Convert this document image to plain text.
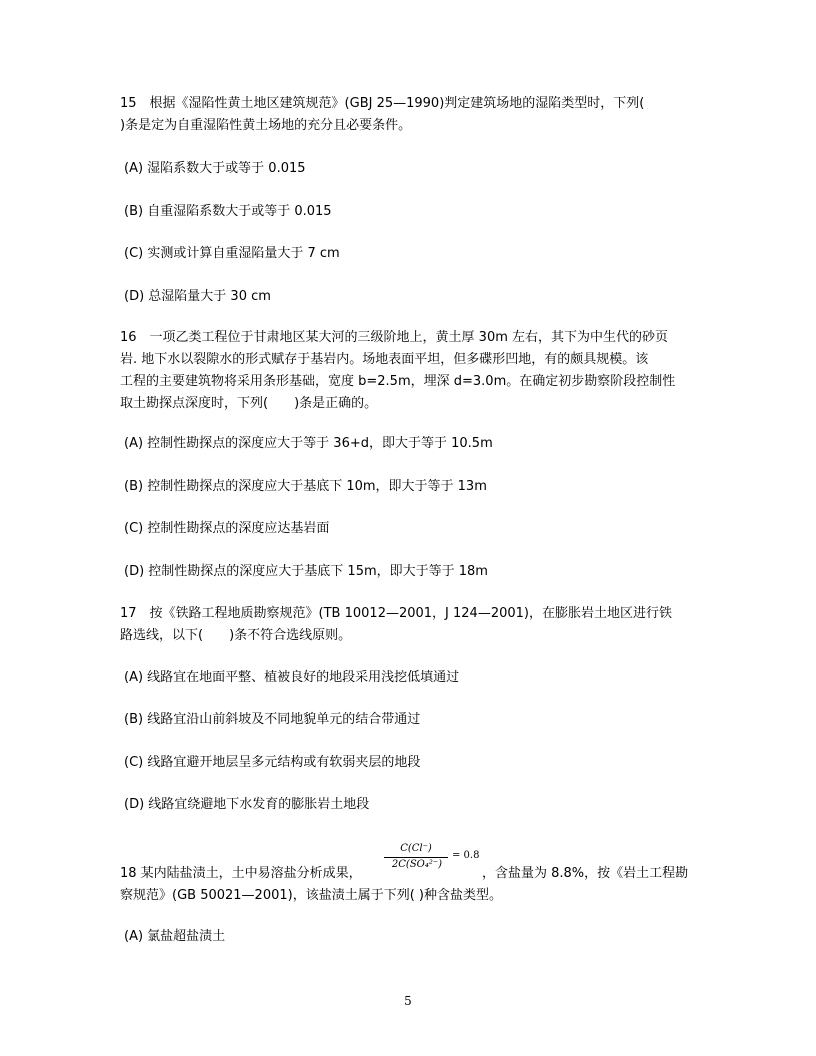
15　根据《湿陷性黄土地区建筑规范》(GBJ 25—1990)判定建筑场地的湿陷类型时，下列(
)条是定为自重湿陷性黄土场地的充分且必要条件。
(A) 湿陷系数大于或等于 0.015
(B) 自重湿陷系数大于或等于 0.015
(C) 实测或计算自重湿陷量大于 7 cm
(D) 总湿陷量大于 30 cm
16　一项乙类工程位于甘肃地区某大河的三级阶地上，黄土厚 30m 左右，其下为中生代的砂页
岩. 地下水以裂隙水的形式赋存于基岩内。场地表面平坦，但多碟形凹地，有的颇具规模。该
工程的主要建筑物将采用条形基础，宽度 b=2.5m，埋深 d=3.0m。在确定初步勘察阶段控制性
取土勘探点深度时，下列(　　)条是正确的。
(A) 控制性勘探点的深度应大于等于 36+d，即大于等于 10.5m
(B) 控制性勘探点的深度应大于基底下 10m，即大于等于 13m
(C) 控制性勘探点的深度应达基岩面
(D) 控制性勘探点的深度应大于基底下 15m，即大于等于 18m
17　按《铁路工程地质勘察规范》(TB 10012—2001，J 124—2001)，在膨胀岩土地区进行铁
路选线，以下(　　)条不符合选线原则。
(A) 线路宜在地面平整、植被良好的地段采用浅挖低填通过
(B) 线路宜沿山前斜坡及不同地貌单元的结合带通过
(C) 线路宜避开地层呈多元结构或有软弱夹层的地段
(D) 线路宜绕避地下水发育的膨胀岩土地段
18 某内陆盐渍土，土中易溶盐分析成果，
C(Cl⁻)
2C(SO₄²⁻)
= 0.8
，含盐量为 8.8%，按《岩土工程勘
察规范》(GB 50021—2001)，该盐渍土属于下列( )种含盐类型。
(A) 氯盐超盐渍土
5
